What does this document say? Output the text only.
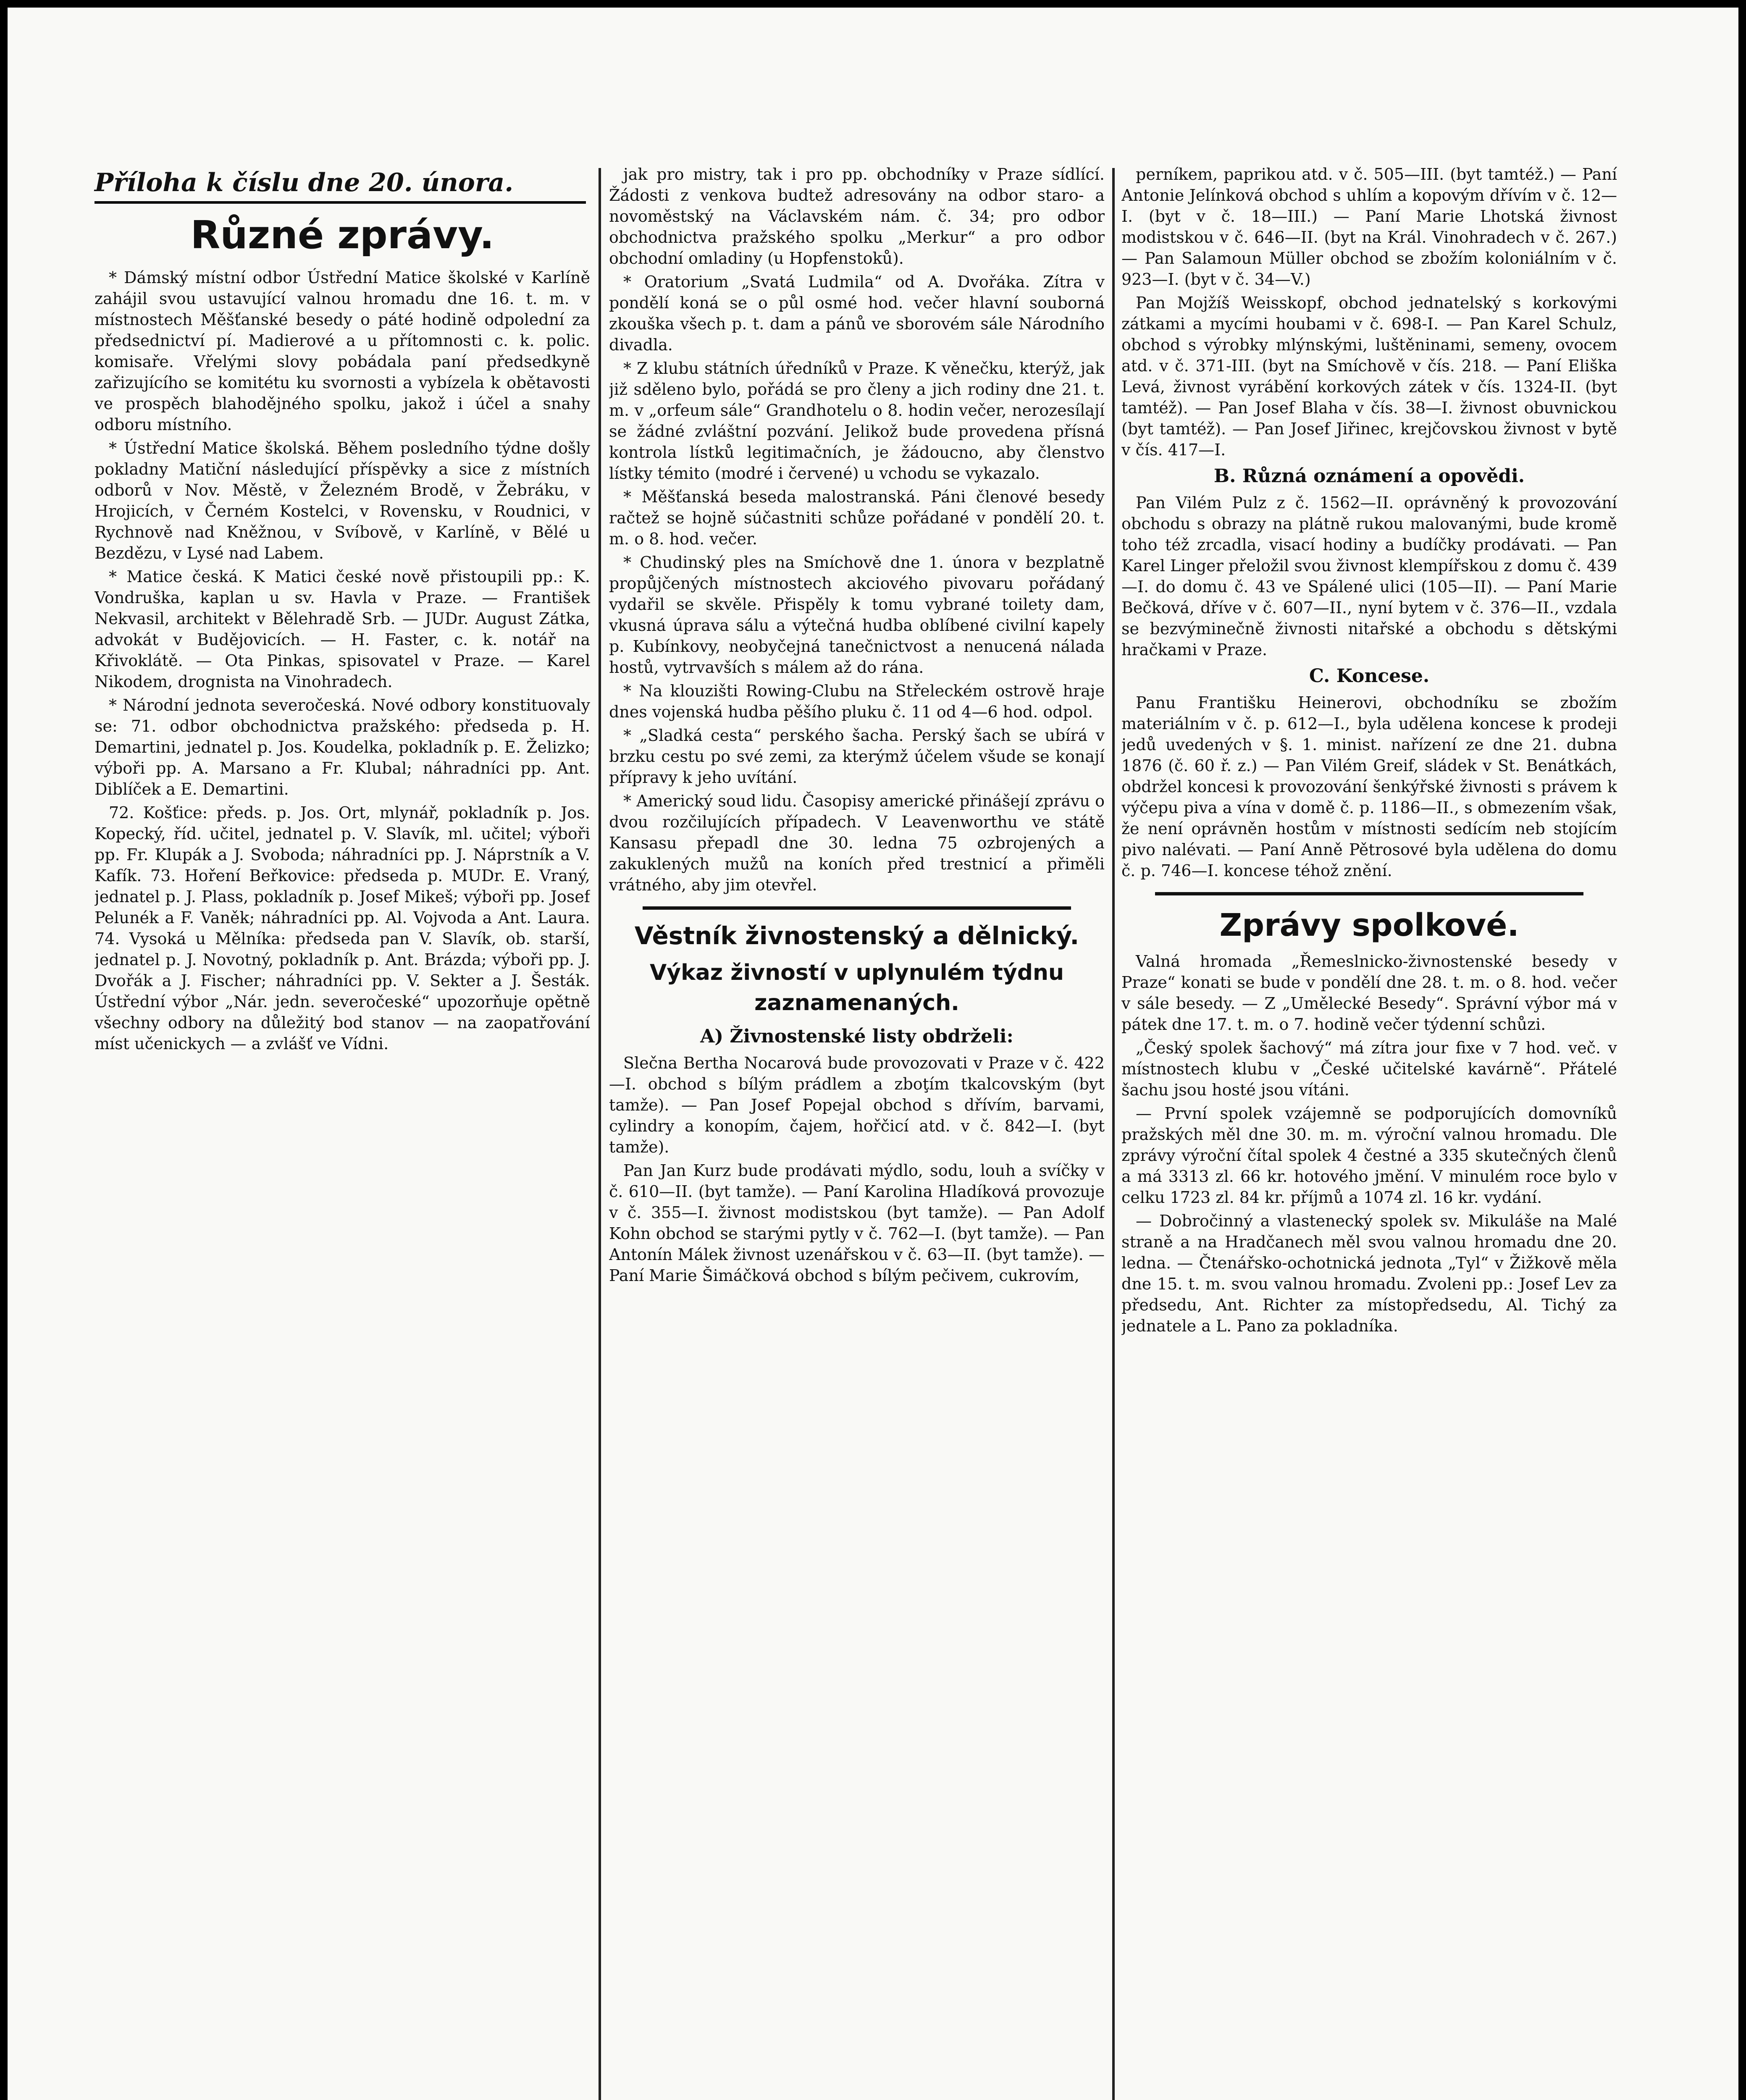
Příloha k číslu dne 20. února.
Různé zprávy.

* Dámský místní odbor Ústřední Matice školské v Karlíně zahájil svou ustavující valnou hromadu dne 16. t. m. v místnostech Měšťanské besedy o páté hodině odpolední za předsednictví pí. Madierové a u přítomnosti c. k. polic. komisaře. Vřelými slovy pobádala paní předsedkyně zařizujícího se komitétu ku svornosti a vybízela k obětavosti ve prospěch blahodějného spolku, jakož i účel a snahy odboru místního.

* Ústřední Matice školská. Během posledního týdne došly pokladny Matiční následující příspěvky a sice z místních odborů v Nov. Městě, v Železném Brodě, v Žebráku, v Hrojicích, v Černém Kostelci, v Rovensku, v Roudnici, v Rychnově nad Kněžnou, v Svíbově, v Karlíně, v Bělé u Bezdězu, v Lysé nad Labem.

* Matice česká. K Matici české nově přistoupili pp.: K. Vondruška, kaplan u sv. Havla v Praze. — František Nekvasil, architekt v Bělehradě Srb. — JUDr. August Zátka, advokát v Budějovicích. — H. Faster, c. k. notář na Křivoklátě. — Ota Pinkas, spisovatel v Praze. — Karel Nikodem, drognista na Vinohradech.

* Národní jednota severočeská. Nové odbory konstituovaly se: 71. odbor obchodnictva pražského: předseda p. H. Demartini, jednatel p. Jos. Koudelka, pokladník p. E. Želizko; výboři pp. A. Marsano a Fr. Klubal; náhradníci pp. Ant. Diblíček a E. Demartini.

72. Košťice: předs. p. Jos. Ort, mlynář, pokladník p. Jos. Kopecký, říd. učitel, jednatel p. V. Slavík, ml. učitel; výboři pp. Fr. Klupák a J. Svoboda; náhradníci pp. J. Náprstník a V. Kafík. 73. Hoření Beřkovice: předseda p. MUDr. E. Vraný, jednatel p. J. Plass, pokladník p. Josef Mikeš; výboři pp. Josef Pelunék a F. Vaněk; náhradníci pp. Al. Vojvoda a Ant. Laura. 74. Vysoká u Mělníka: předseda pan V. Slavík, ob. starší, jednatel p. J. Novotný, pokladník p. Ant. Brázda; výboři pp. J. Dvořák a J. Fischer; náhradníci pp. V. Sekter a J. Šesták. Ústřední výbor „Nár. jedn. severočeské“ upozorňuje opětně všechny odbory na důležitý bod stanov — na zaopatřování míst učenickych — a zvlášť ve Vídni.

jak pro mistry, tak i pro pp. obchodníky v Praze sídlící. Žádosti z venkova budtež adresovány na odbor staro- a novoměstský na Václavském nám. č. 34; pro odbor obchodnictva pražského spolku „Merkur“ a pro odbor obchodní omladiny (u Hopfenstoků).

* Oratorium „Svatá Ludmila“ od A. Dvořáka. Zítra v pondělí koná se o půl osmé hod. večer hlavní souborná zkouška všech p. t. dam a pánů ve sborovém sále Národního divadla.

* Z klubu státních úředníků v Praze. K věnečku, kterýž, jak již sděleno bylo, pořádá se pro členy a jich rodiny dne 21. t. m. v „orfeum sále“ Grandhotelu o 8. hodin večer, nerozesílají se žádné zvláštní pozvání. Jelikož bude provedena přísná kontrola lístků legitimačních, je žádoucno, aby členstvo lístky témito (modré i červené) u vchodu se vykazalo.

* Měšťanská beseda malostranská. Páni členové besedy račtež se hojně súčastniti schůze pořádané v pondělí 20. t. m. o 8. hod. večer.

* Chudinský ples na Smíchově dne 1. února v bezplatně propůjčených místnostech akciového pivovaru pořádaný vydařil se skvěle. Přispěly k tomu vybrané toilety dam, vkusná úprava sálu a výtečná hudba oblíbené civilní kapely p. Kubínkovy, neobyčejná tanečnictvost a nenucená nálada hostů, vytrvavších s málem až do rána.

* Na klouzišti Rowing-Clubu na Střeleckém ostrově hraje dnes vojenská hudba pěšího pluku č. 11 od 4—6 hod. odpol.

* „Sladká cesta“ perského šacha. Perský šach se ubírá v brzku cestu po své zemi, za kterýmž účelem všude se konají přípravy k jeho uvítání.

* Americký soud lidu. Časopisy americké přinášejí zprávu o dvou rozčilujících případech. V Leavenworthu ve státě Kansasu přepadl dne 30. ledna 75 ozbrojených a zakuklených mužů na koních před trestnicí a přiměli vrátného, aby jim otevřel.

Věstník živnostenský a dělnický.
Výkaz živností v uplynulém týdnu zaznamenaných.
A) Živnostenské listy obdrželi:

Slečna Bertha Nocarová bude provozovati v Praze v č. 422—I. obchod s bílým prádlem a zboţím tkalcovským (byt tamže). — Pan Josef Popejal obchod s dřívím, barvami, cylindry a konopím, čajem, hořčicí atd. v č. 842—I. (byt tamže).

Pan Jan Kurz bude prodávati mýdlo, sodu, louh a svíčky v č. 610—II. (byt tamže). — Paní Karolina Hladíková provozuje v č. 355—I. živnost modistskou (byt tamže). — Pan Adolf Kohn obchod se starými pytly v č. 762—I. (byt tamže). — Pan Antonín Málek živnost uzenářskou v č. 63—II. (byt tamže). — Paní Marie Šimáčková obchod s bílým pečivem, cukrovím,

perníkem, paprikou atd. v č. 505—III. (byt tamtéž.) — Paní Antonie Jelínková obchod s uhlím a kopovým dřívím v č. 12—I. (byt v č. 18—III.) — Paní Marie Lhotská živnost modistskou v č. 646—II. (byt na Král. Vinohradech v č. 267.) — Pan Salamoun Müller obchod se zbožím koloniálním v č. 923—I. (byt v č. 34—V.)

Pan Mojžíš Weisskopf, obchod jednatelský s korkovými zátkami a mycími houbami v č. 698-I. — Pan Karel Schulz, obchod s výrobky mlýnskými, luštěninami, semeny, ovocem atd. v č. 371-III. (byt na Smíchově v čís. 218. — Paní Eliška Levá, živnost vyrábění korkových zátek v čís. 1324-II. (byt tamtéž). — Pan Josef Blaha v čís. 38—I. živnost obuvnickou (byt tamtéž). — Pan Josef Jiřinec, krejčovskou živnost v bytě v čís. 417—I.

B. Různá oznámení a opovědi.

Pan Vilém Pulz z č. 1562—II. oprávněný k provozování obchodu s obrazy na plátně rukou malovanými, bude kromě toho též zrcadla, visací hodiny a budíčky prodávati. — Pan Karel Linger přeložil svou živnost klempířskou z domu č. 439—I. do domu č. 43 ve Spálené ulici (105—II). — Paní Marie Bečková, dříve v č. 607—II., nyní bytem v č. 376—II., vzdala se bezvýminečně živnosti nitařské a obchodu s dětskými hračkami v Praze.

C. Koncese.

Panu Františku Heinerovi, obchodníku se zbožím materiálním v č. p. 612—I., byla udělena koncese k prodeji jedů uvedených v §. 1. minist. nařízení ze dne 21. dubna 1876 (č. 60 ř. z.) — Pan Vilém Greif, sládek v St. Benátkách, obdržel koncesi k provozování šenkýřské živnosti s právem k výčepu piva a vína v domě č. p. 1186—II., s obmezením však, že není oprávněn hostům v místnosti sedícím neb stojícím pivo nalévati. — Paní Anně Pětrosové byla udělena do domu č. p. 746—I. koncese téhož znění.

Zprávy spolkové.

Valná hromada „Řemeslnicko-živnostenské besedy v Praze“ konati se bude v pondělí dne 28. t. m. o 8. hod. večer v sále besedy. — Z „Umělecké Besedy“. Správní výbor má v pátek dne 17. t. m. o 7. hodině večer týdenní schůzi.

„Český spolek šachový“ má zítra jour fixe v 7 hod. več. v místnostech klubu v „České učitelské kavárně“. Přátelé šachu jsou hosté jsou vítáni.

— První spolek vzájemně se podporujících domovníků pražských měl dne 30. m. m. výroční valnou hromadu. Dle zprávy výroční čítal spolek 4 čestné a 335 skutečných členů a má 3313 zl. 66 kr. hotového jmění. V minulém roce bylo v celku 1723 zl. 84 kr. příjmů a 1074 zl. 16 kr. vydání.

— Dobročinný a vlastenecký spolek sv. Mikuláše na Malé straně a na Hradčanech měl svou valnou hromadu dne 20. ledna. — Čtenářsko-ochotnická jednota „Tyl“ v Žižkově měla dne 15. t. m. svou valnou hromadu. Zvoleni pp.: Josef Lev za předsedu, Ant. Richter za místopředsedu, Al. Tichý za jednatele a L. Pano za pokladníka.
